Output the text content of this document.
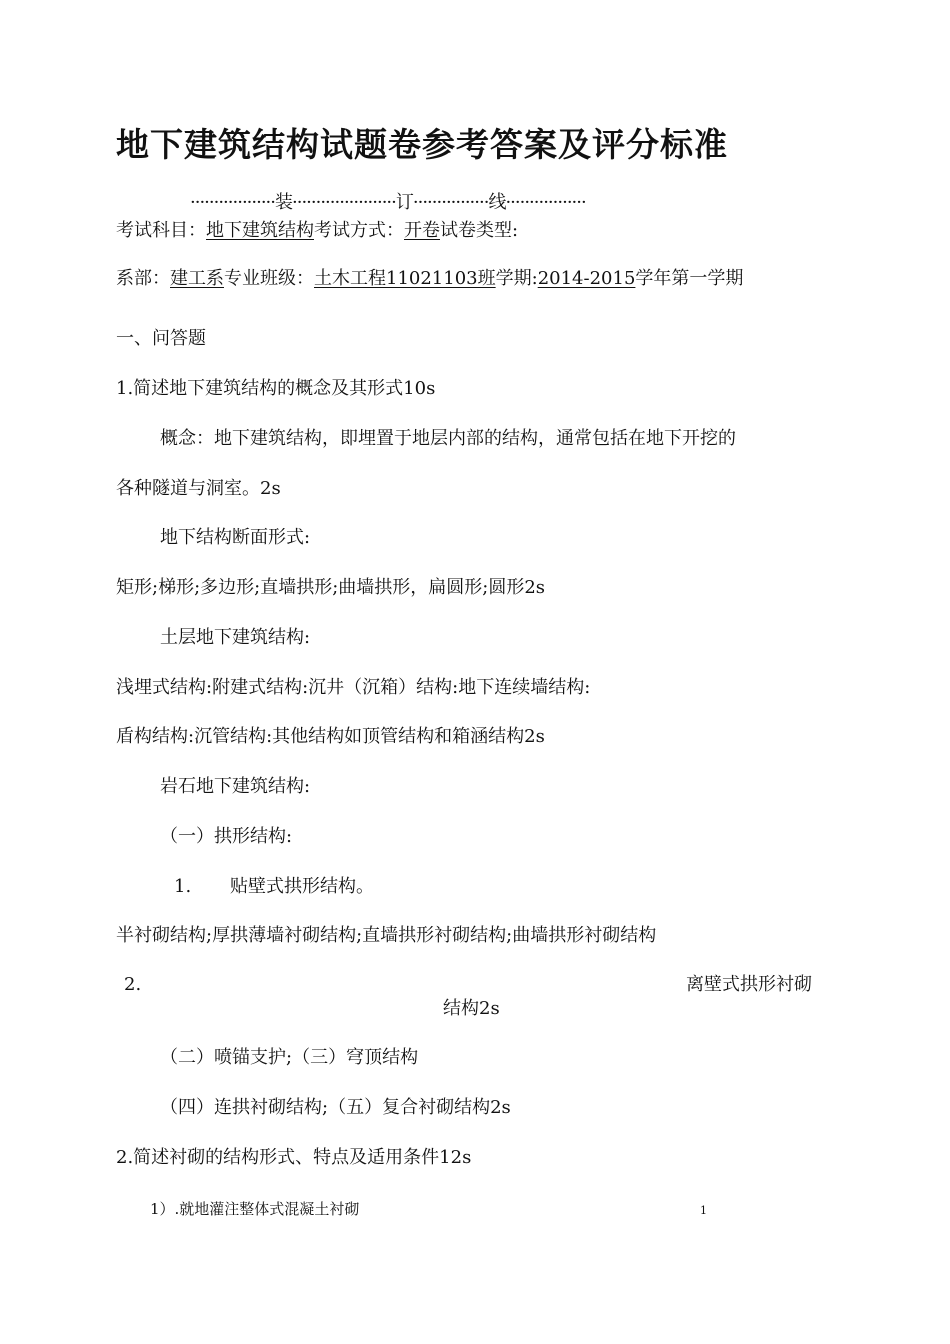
地下建筑结构试题卷参考答案及评分标准
··················装······················订················线·················
考试科目：地下建筑结构考试方式：开卷试卷类型:
系部：建工系专业班级：土木工程11021103班学期:2014-2015学年第一学期
一、问答题
1.简述地下建筑结构的概念及其形式10s
概念：地下建筑结构，即埋置于地层内部的结构，通常包括在地下开挖的
各种隧道与洞室。2s
地下结构断面形式:
矩形;梯形;多边形;直墙拱形;曲墙拱形，扁圆形;圆形2s
土层地下建筑结构:
浅埋式结构:附建式结构:沉井（沉箱）结构:地下连续墙结构:
盾构结构:沉管结构:其他结构如顶管结构和箱涵结构2s
岩石地下建筑结构:
（一）拱形结构:
1. 贴壁式拱形结构。
半衬砌结构;厚拱薄墙衬砌结构;直墙拱形衬砌结构;曲墙拱形衬砌结构
2.	离壁式拱形衬砌
结构2s
（二）喷锚支护;（三）穹顶结构
（四）连拱衬砌结构;（五）复合衬砌结构2s
2.简述衬砌的结构形式、特点及适用条件12s
1）.就地灌注整体式混凝土衬砌	1
